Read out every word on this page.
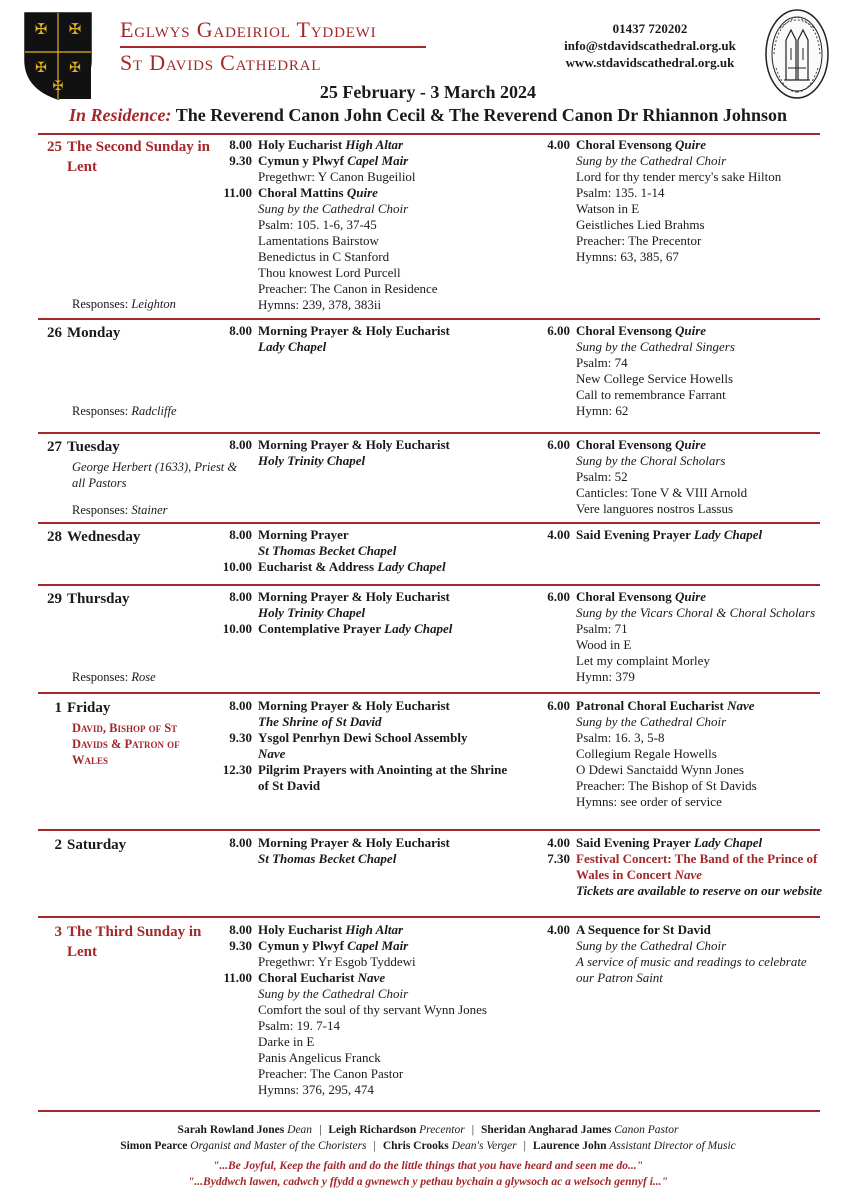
✠ ✠
✠ ✠
✠
Eglwys Gadeiriol Tyddewi
St Davids Cathedral
01437 720202
info@stdavidscathedral.org.uk
www.stdavidscathedral.org.uk
25 February - 3 March 2024
In Residence: The Reverend Canon John Cecil & The Reverend Canon Dr Rhiannon Johnson
25 The Second Sunday in Lent
Responses: Leighton
8.00 Holy Eucharist High Altar
9.30 Cymun y Plwyf Capel Mair
Pregethwr: Y Canon Bugeiliol
11.00 Choral Mattins Quire
Sung by the Cathedral Choir
Psalm: 105. 1-6, 37-45
Lamentations Bairstow
Benedictus in C Stanford
Thou knowest Lord Purcell
Preacher: The Canon in Residence
Hymns: 239, 378, 383ii
4.00 Choral Evensong Quire
Sung by the Cathedral Choir
Lord for thy tender mercy's sake Hilton
Psalm: 135. 1-14
Watson in E
Geistliches Lied Brahms
Preacher: The Precentor
Hymns: 63, 385, 67
26 Monday
Responses: Radcliffe
8.00 Morning Prayer & Holy Eucharist
Lady Chapel
6.00 Choral Evensong Quire
Sung by the Cathedral Singers
Psalm: 74
New College Service Howells
Call to remembrance Farrant
Hymn: 62
27 Tuesday
George Herbert (1633), Priest & all Pastors
Responses: Stainer
8.00 Morning Prayer & Holy Eucharist
Holy Trinity Chapel
6.00 Choral Evensong Quire
Sung by the Choral Scholars
Psalm: 52
Canticles: Tone V & VIII Arnold
Vere languores nostros Lassus
28 Wednesday	8.00 Morning Prayer
St Thomas Becket Chapel
10.00 Eucharist & Address Lady Chapel
4.00 Said Evening Prayer Lady Chapel
29 Thursday
Responses: Rose
8.00 Morning Prayer & Holy Eucharist
Holy Trinity Chapel
10.00 Contemplative Prayer Lady Chapel
6.00 Choral Evensong Quire
Sung by the Vicars Choral & Choral Scholars
Psalm: 71
Wood in E
Let my complaint Morley
Hymn: 379
1 Friday
David, Bishop of St Davids & Patron of Wales
8.00 Morning Prayer & Holy Eucharist
The Shrine of St David
9.30 Ysgol Penrhyn Dewi School Assembly
Nave
12.30 Pilgrim Prayers with Anointing at the Shrine of St David
6.00 Patronal Choral Eucharist Nave
Sung by the Cathedral Choir
Psalm: 16. 3, 5-8
Collegium Regale Howells
O Ddewi Sanctaidd Wynn Jones
Preacher: The Bishop of St Davids
Hymns: see order of service
2 Saturday	8.00 Morning Prayer & Holy Eucharist
St Thomas Becket Chapel
4.00 Said Evening Prayer Lady Chapel
7.30 Festival Concert: The Band of the Prince of Wales in Concert Nave
Tickets are available to reserve on our website
3 The Third Sunday in Lent
8.00 Holy Eucharist High Altar
9.30 Cymun y Plwyf Capel Mair
Pregethwr: Yr Esgob Tyddewi
11.00 Choral Eucharist Nave
Sung by the Cathedral Choir
Comfort the soul of thy servant Wynn Jones
Psalm: 19. 7-14
Darke in E
Panis Angelicus Franck
Preacher: The Canon Pastor
Hymns: 376, 295, 474
4.00 A Sequence for St David
Sung by the Cathedral Choir
A service of music and readings to celebrate our Patron Saint
Sarah Rowland Jones Dean | Leigh Richardson Precentor | Sheridan Angharad James Canon Pastor
Simon Pearce Organist and Master of the Choristers | Chris Crooks Dean's Verger | Laurence John Assistant Director of Music
"...Be Joyful, Keep the faith and do the little things that you have heard and seen me do..."
"...Byddwch lawen, cadwch y ffydd a gwnewch y pethau bychain a glywsoch ac a welsoch gennyf i..."
